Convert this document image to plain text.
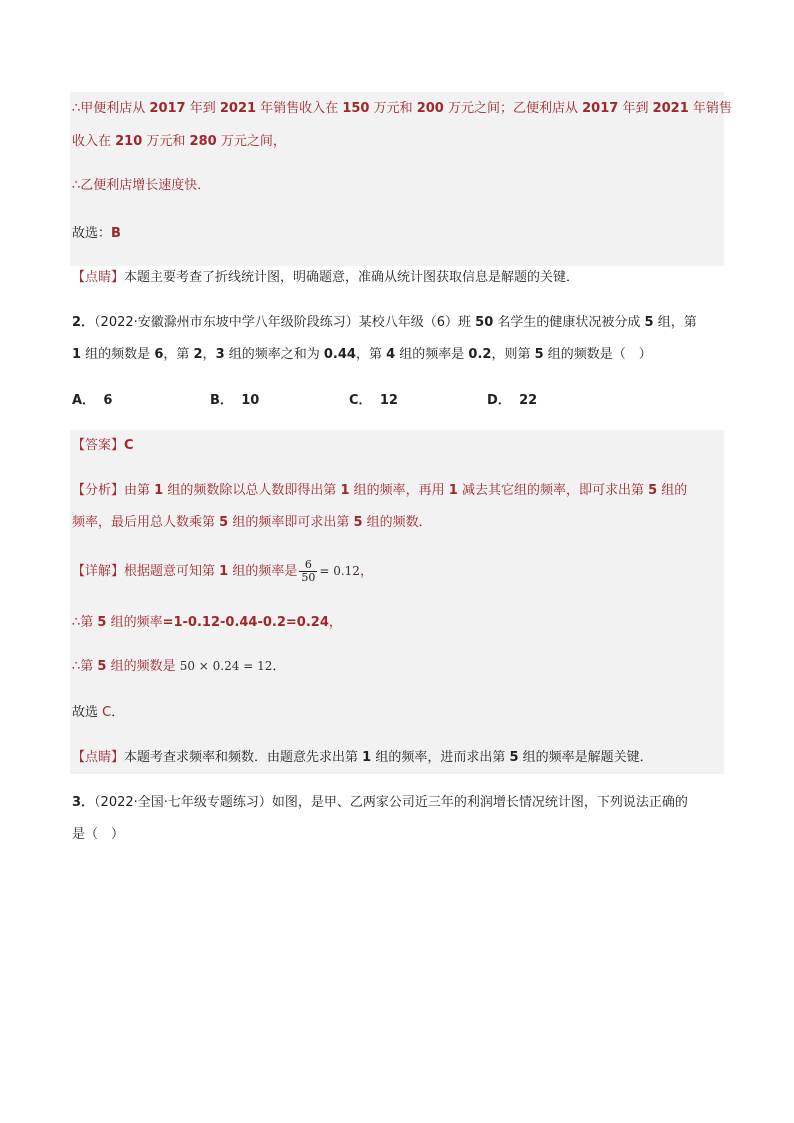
∴甲便利店从 2017 年到 2021 年销售收入在 150 万元和 200 万元之间；乙便利店从 2017 年到 2021 年销售
收入在 210 万元和 280 万元之间，
∴乙便利店增长速度快．
故选：B
【点睛】本题主要考查了折线统计图，明确题意，准确从统计图获取信息是解题的关键．
2．（2022·安徽滁州市东坡中学八年级阶段练习）某校八年级（6）班 50 名学生的健康状况被分成 5 组，第
1 组的频数是 6，第 2，3 组的频率之和为 0.44，第 4 组的频率是 0.2，则第 5 组的频数是（　）
A． 6	B． 10	C． 12	D． 22
【答案】C
【分析】由第 1 组的频数除以总人数即得出第 1 组的频率，再用 1 减去其它组的频率，即可求出第 5 组的
频率，最后用总人数乘第 5 组的频率即可求出第 5 组的频数．
【详解】根据题意可知第 1 组的频率是 $\frac{6}{50} = 0.12$，
∴第 5 组的频率=1-0.12-0.44-0.2=0.24，
∴第 5 组的频数是 50 × 0.24 = 12．
故选 C．
【点睛】本题考查求频率和频数．由题意先求出第 1 组的频率，进而求出第 5 组的频率是解题关键．
3．（2022·全国·七年级专题练习）如图，是甲、乙两家公司近三年的利润增长情况统计图，下列说法正确的
是（　）
